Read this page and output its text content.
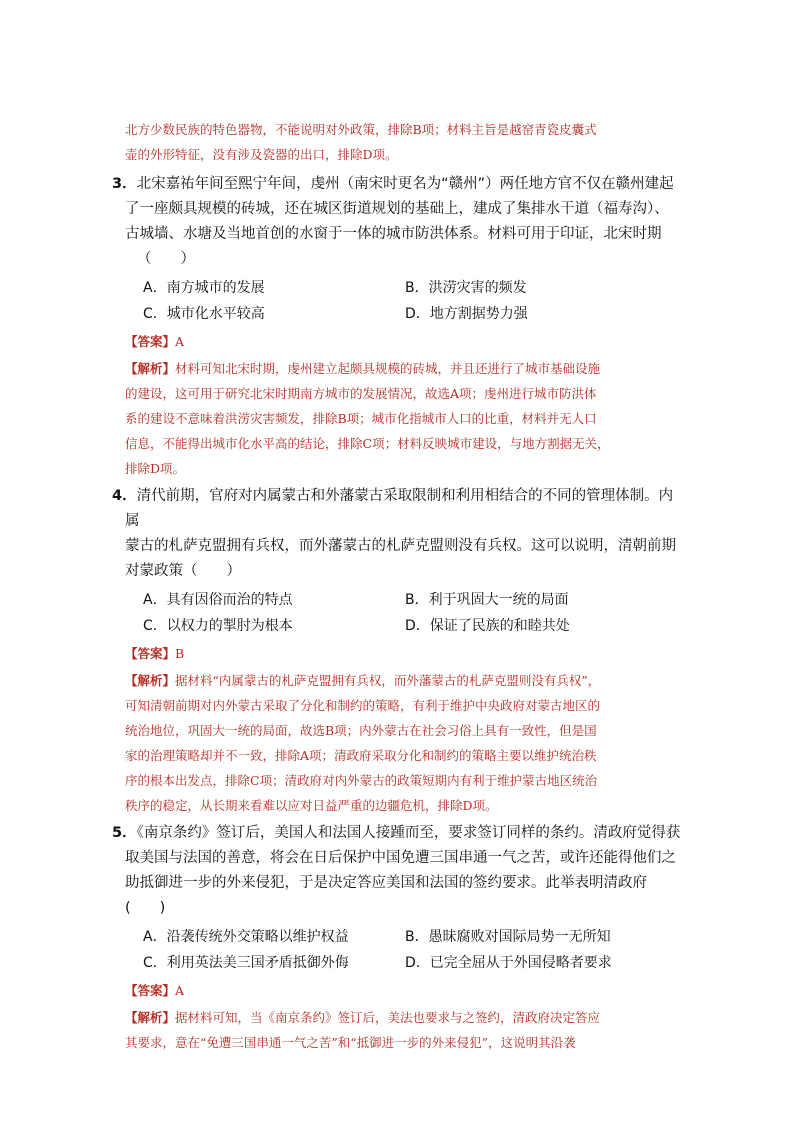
北方少数民族的特色器物，不能说明对外政策，排除B项；材料主旨是越窑青瓷皮囊式
壶的外形特征，没有涉及瓷器的出口，排除D项。
3．北宋嘉祐年间至熙宁年间，虔州（南宋时更名为“赣州”）两任地方官不仅在赣州建起
了一座颇具规模的砖城，还在城区街道规划的基础上，建成了集排水干道（福寿沟）、
古城墙、水塘及当地首创的水窗于一体的城市防洪体系。材料可用于印证，北宋时期
（　　）
A．南方城市的发展	B．洪涝灾害的频发
C．城市化水平较高	D．地方割据势力强
【答案】A
【解析】材料可知北宋时期，虔州建立起颇具规模的砖城，并且还进行了城市基础设施
的建设，这可用于研究北宋时期南方城市的发展情况，故选A项；虔州进行城市防洪体
系的建设不意味着洪涝灾害频发，排除B项；城市化指城市人口的比重，材料并无人口
信息，不能得出城市化水平高的结论，排除C项；材料反映城市建设，与地方割据无关，
排除D项。
4．清代前期，官府对内属蒙古和外藩蒙古采取限制和利用相结合的不同的管理体制。内属
蒙古的札萨克盟拥有兵权，而外藩蒙古的札萨克盟则没有兵权。这可以说明，清朝前期
对蒙政策（　　）
A．具有因俗而治的特点	B．利于巩固大一统的局面
C．以权力的掣肘为根本	D．保证了民族的和睦共处
【答案】B
【解析】据材料“内属蒙古的札萨克盟拥有兵权，而外藩蒙古的札萨克盟则没有兵权”，
可知清朝前期对内外蒙古采取了分化和制约的策略，有利于维护中央政府对蒙古地区的
统治地位，巩固大一统的局面，故选B项；内外蒙古在社会习俗上具有一致性，但是国
家的治理策略却并不一致，排除A项；清政府采取分化和制约的策略主要以维护统治秩
序的根本出发点，排除C项；清政府对内外蒙古的政策短期内有利于维护蒙古地区统治
秩序的稳定，从长期来看难以应对日益严重的边疆危机，排除D项。
5．《南京条约》签订后，美国人和法国人接踵而至，要求签订同样的条约。清政府觉得获
取美国与法国的善意，将会在日后保护中国免遭三国串通一气之苦，或许还能得他们之
助抵御进一步的外来侵犯，于是决定答应美国和法国的签约要求。此举表明清政府(　　)
A．沿袭传统外交策略以维护权益	B．愚昧腐败对国际局势一无所知
C．利用英法美三国矛盾抵御外侮	D．已完全屈从于外国侵略者要求
【答案】A
【解析】据材料可知，当《南京条约》签订后，美法也要求与之签约，清政府决定答应
其要求，意在“免遭三国串通一气之苦”和“抵御进一步的外来侵犯”，这说明其沿袭
